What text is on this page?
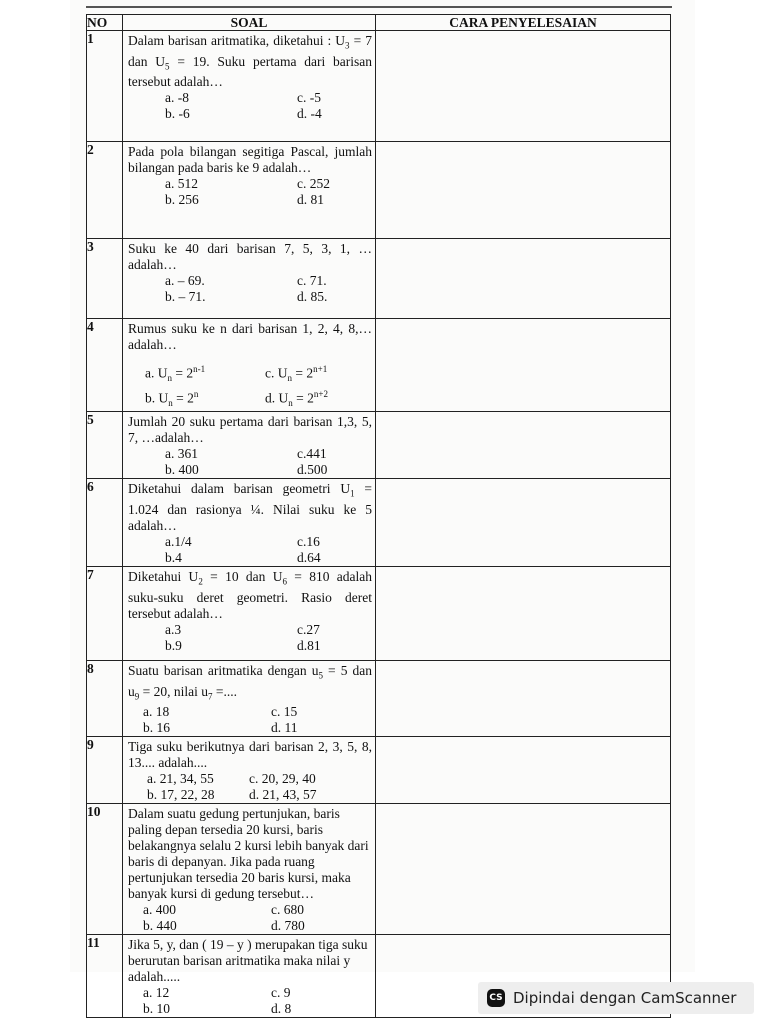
NO	SOAL	CARA PENYELESAIAN
1	Dalam barisan aritmatika, diketahui : $U_3 = 7$ dan $U_5 = 19$. Suku pertama dari barisan tersebut adalah…
a. -8 c. -5
b. -6 d. -4	

2	Pada pola bilangan segitiga Pascal, jumlah bilangan pada baris ke 9 adalah…
a. 512 c. 252
b. 256 d. 81	

3	Suku ke 40 dari barisan 7, 5, 3, 1, … adalah…
a. – 69. c. 71.
b. – 71. d. 85.	

4	Rumus suku ke n dari barisan 1, 2, 4, 8,… adalah…
a. $U_n = 2^{n-1}$ c. $U_n = 2^{n+1}$
b. $U_n = 2^n$ d. $U_n = 2^{n+2}$

5	Jumlah 20 suku pertama dari barisan 1,3, 5, 7, …adalah…
a. 361 c.441
b. 400 d.500	

6	Diketahui dalam barisan geometri $U_1 = 1.024$ dan rasionya ¼. Nilai suku ke 5 adalah…
a.1/4 c.16
b.4 d.64	

7	Diketahui $U_2 = 10$ dan $U_6 = 810$ adalah suku-suku deret geometri. Rasio deret tersebut adalah…
a.3 c.27
b.9 d.81	

8	Suatu barisan aritmatika dengan $u_5 = 5$ dan $u_9 = 20$, nilai $u_7$ =....
a. 18 c. 15
b. 16 d. 11	

9	Tiga suku berikutnya dari barisan 2, 3, 5, 8, 13.... adalah....
a. 21, 34, 55 c. 20, 29, 40
b. 17, 22, 28 d. 21, 43, 57	

10	Dalam suatu gedung pertunjukan, baris paling depan tersedia 20 kursi, baris belakangnya selalu 2 kursi lebih banyak dari baris di depanyan. Jika pada ruang pertunjukan tersedia 20 baris kursi, maka banyak kursi di gedung tersebut…
a. 400 c. 680
b. 440 d. 780	

11	Jika 5, y, dan ( 19 – y ) merupakan tiga suku berurutan barisan aritmatika maka nilai y adalah.....
a. 12 c. 9
b. 10 d. 8	

CS Dipindai dengan CamScanner
